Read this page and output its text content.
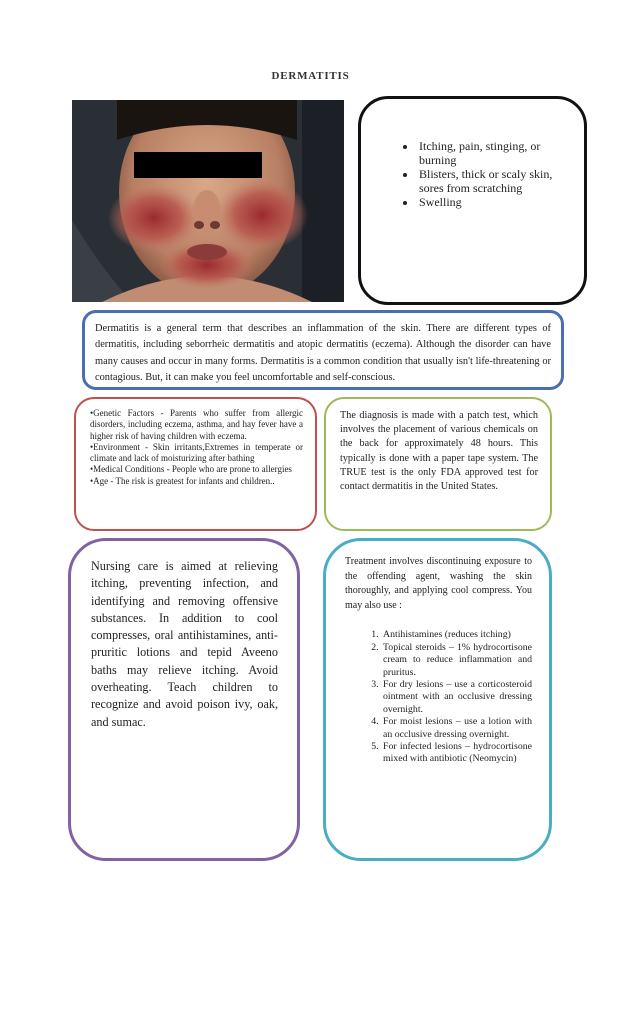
DERMATITIS
• Itching, pain, stinging, or burning
• Blisters, thick or scaly skin, sores from scratching
• Swelling

Dermatitis is a general term that describes an inflammation of the skin. There are different types of dermatitis, including seborrheic dermatitis and atopic dermatitis (eczema). Although the disorder can have many causes and occur in many forms. Dermatitis is a common condition that usually isn't life-threatening or contagious. But, it can make you feel uncomfortable and self-conscious.

•Genetic Factors - Parents who suffer from allergic disorders, including eczema, asthma, and hay fever have a higher risk of having children with eczema.

•Environment - Skin irritants,Extremes in temperate or climate and lack of moisturizing after bathing

•Medical Conditions - People who are prone to allergies

•Age - The risk is greatest for infants and children..

The diagnosis is made with a patch test, which involves the placement of various chemicals on the back for approximately 48 hours. This typically is done with a paper tape system. The TRUE test is the only FDA approved test for contact dermatitis in the United States.

Nursing care is aimed at relieving itching, preventing infection, and identifying and removing offensive substances. In addition to cool compresses, oral antihistamines, anti-pruritic lotions and tepid Aveeno baths may relieve itching. Avoid overheating. Teach children to recognize and avoid poison ivy, oak, and sumac.

Treatment involves discontinuing exposure to the offending agent, washing the skin thoroughly, and applying cool compress. You may also use :

1. Antihistamines (reduces itching)
2. Topical steroids – 1% hydrocortisone cream to reduce inflammation and pruritus.
3. For dry lesions – use a corticosteroid ointment with an occlusive dressing overnight.
4. For moist lesions – use a lotion with an occlusive dressing overnight.
5. For infected lesions – hydrocortisone mixed with antibiotic (Neomycin)
